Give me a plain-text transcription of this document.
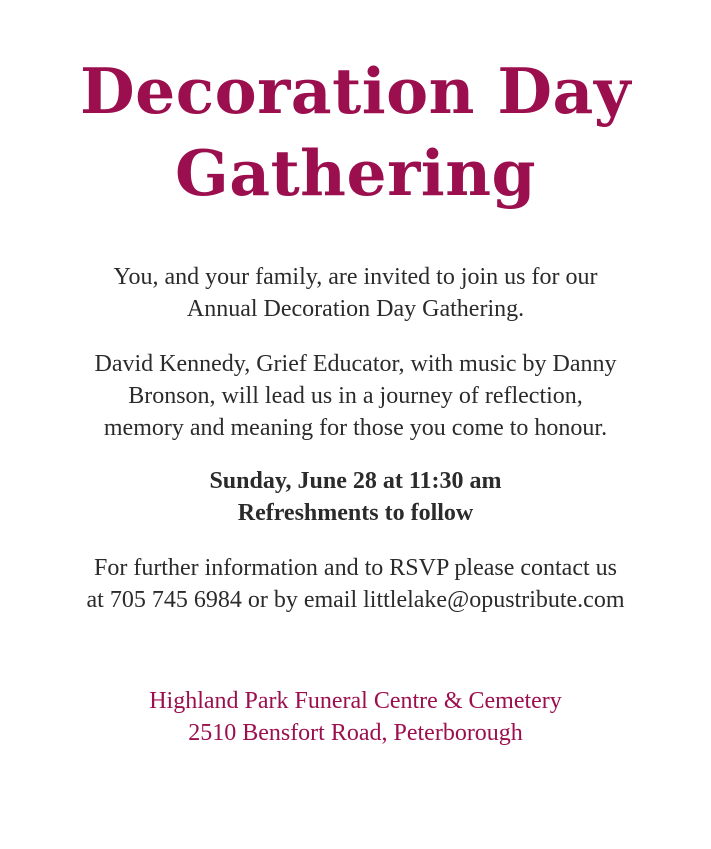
Decoration Day
Gathering

You, and your family, are invited to join us for our
Annual Decoration Day Gathering.

David Kennedy, Grief Educator, with music by Danny
Bronson, will lead us in a journey of reflection,
memory and meaning for those you come to honour.

Sunday, June 28 at 11:30 am
Refreshments to follow

For further information and to RSVP please contact us
at 705 745 6984 or by email littlelake@opustribute.com

Highland Park Funeral Centre & Cemetery
2510 Bensfort Road, Peterborough
